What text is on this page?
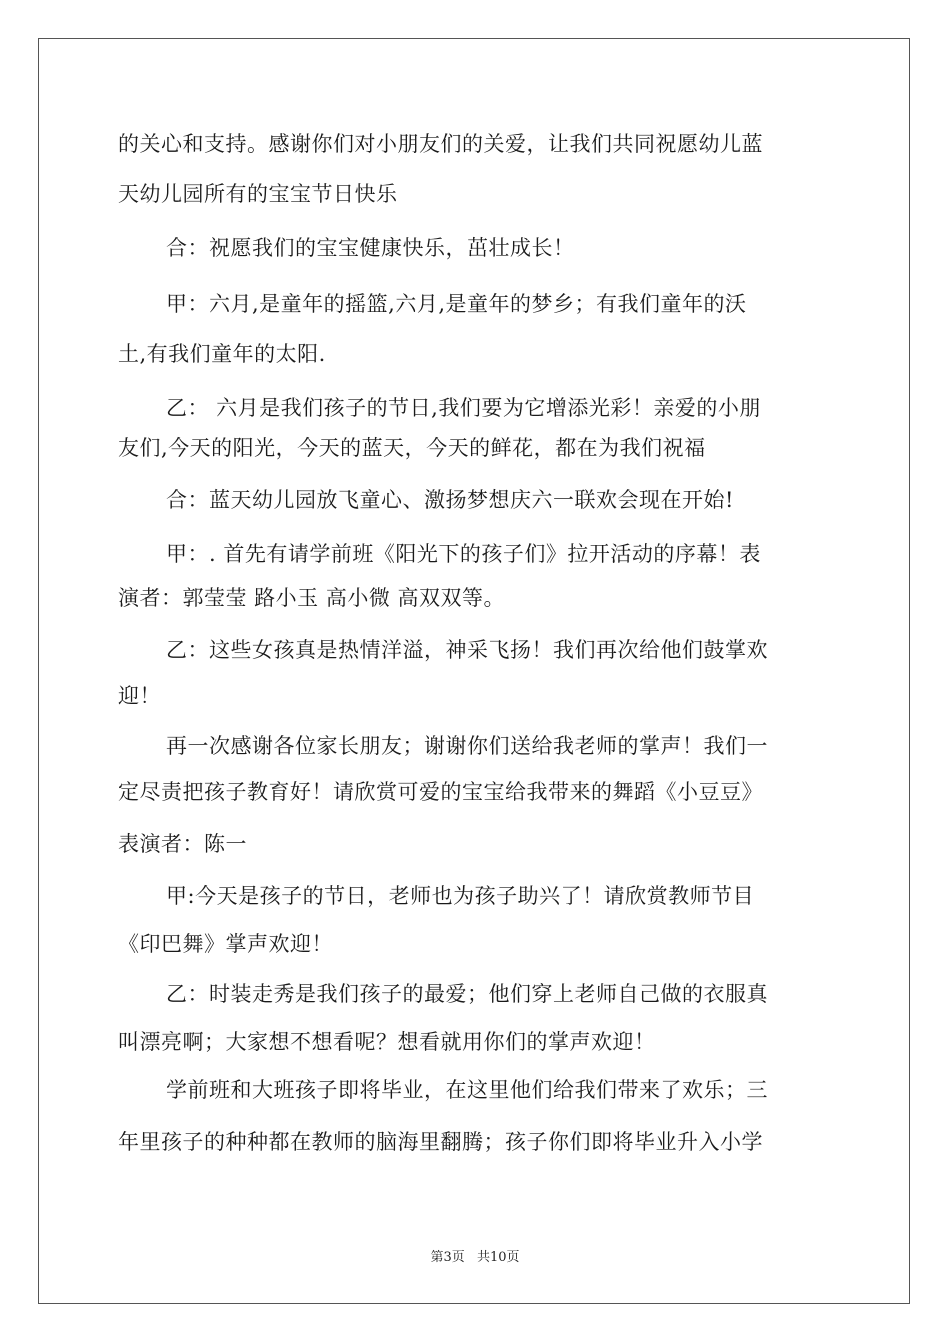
的关心和支持。感谢你们对小朋友们的关爱，让我们共同祝愿幼儿蓝
天幼儿园所有的宝宝节日快乐
合：祝愿我们的宝宝健康快乐，茁壮成长！
甲：六月,是童年的摇篮,六月,是童年的梦乡；有我们童年的沃
土,有我们童年的太阳.
乙： 六月是我们孩子的节日,我们要为它增添光彩！亲爱的小朋
友们,今天的阳光，今天的蓝天，今天的鲜花，都在为我们祝福
合：蓝天幼儿园放飞童心、激扬梦想庆六一联欢会现在开始!
甲：. 首先有请学前班《阳光下的孩子们》拉开活动的序幕！表
演者：郭莹莹 路小玉 高小微 高双双等。
乙：这些女孩真是热情洋溢，神采飞扬！我们再次给他们鼓掌欢
迎！
再一次感谢各位家长朋友；谢谢你们送给我老师的掌声！我们一
定尽责把孩子教育好！请欣赏可爱的宝宝给我带来的舞蹈《小豆豆》
表演者：陈一
甲:今天是孩子的节日，老师也为孩子助兴了！请欣赏教师节目
《印巴舞》掌声欢迎！
乙：时装走秀是我们孩子的最爱；他们穿上老师自己做的衣服真
叫漂亮啊；大家想不想看呢？想看就用你们的掌声欢迎！
学前班和大班孩子即将毕业，在这里他们给我们带来了欢乐；三
年里孩子的种种都在教师的脑海里翻腾；孩子你们即将毕业升入小学
第3页 共10页
